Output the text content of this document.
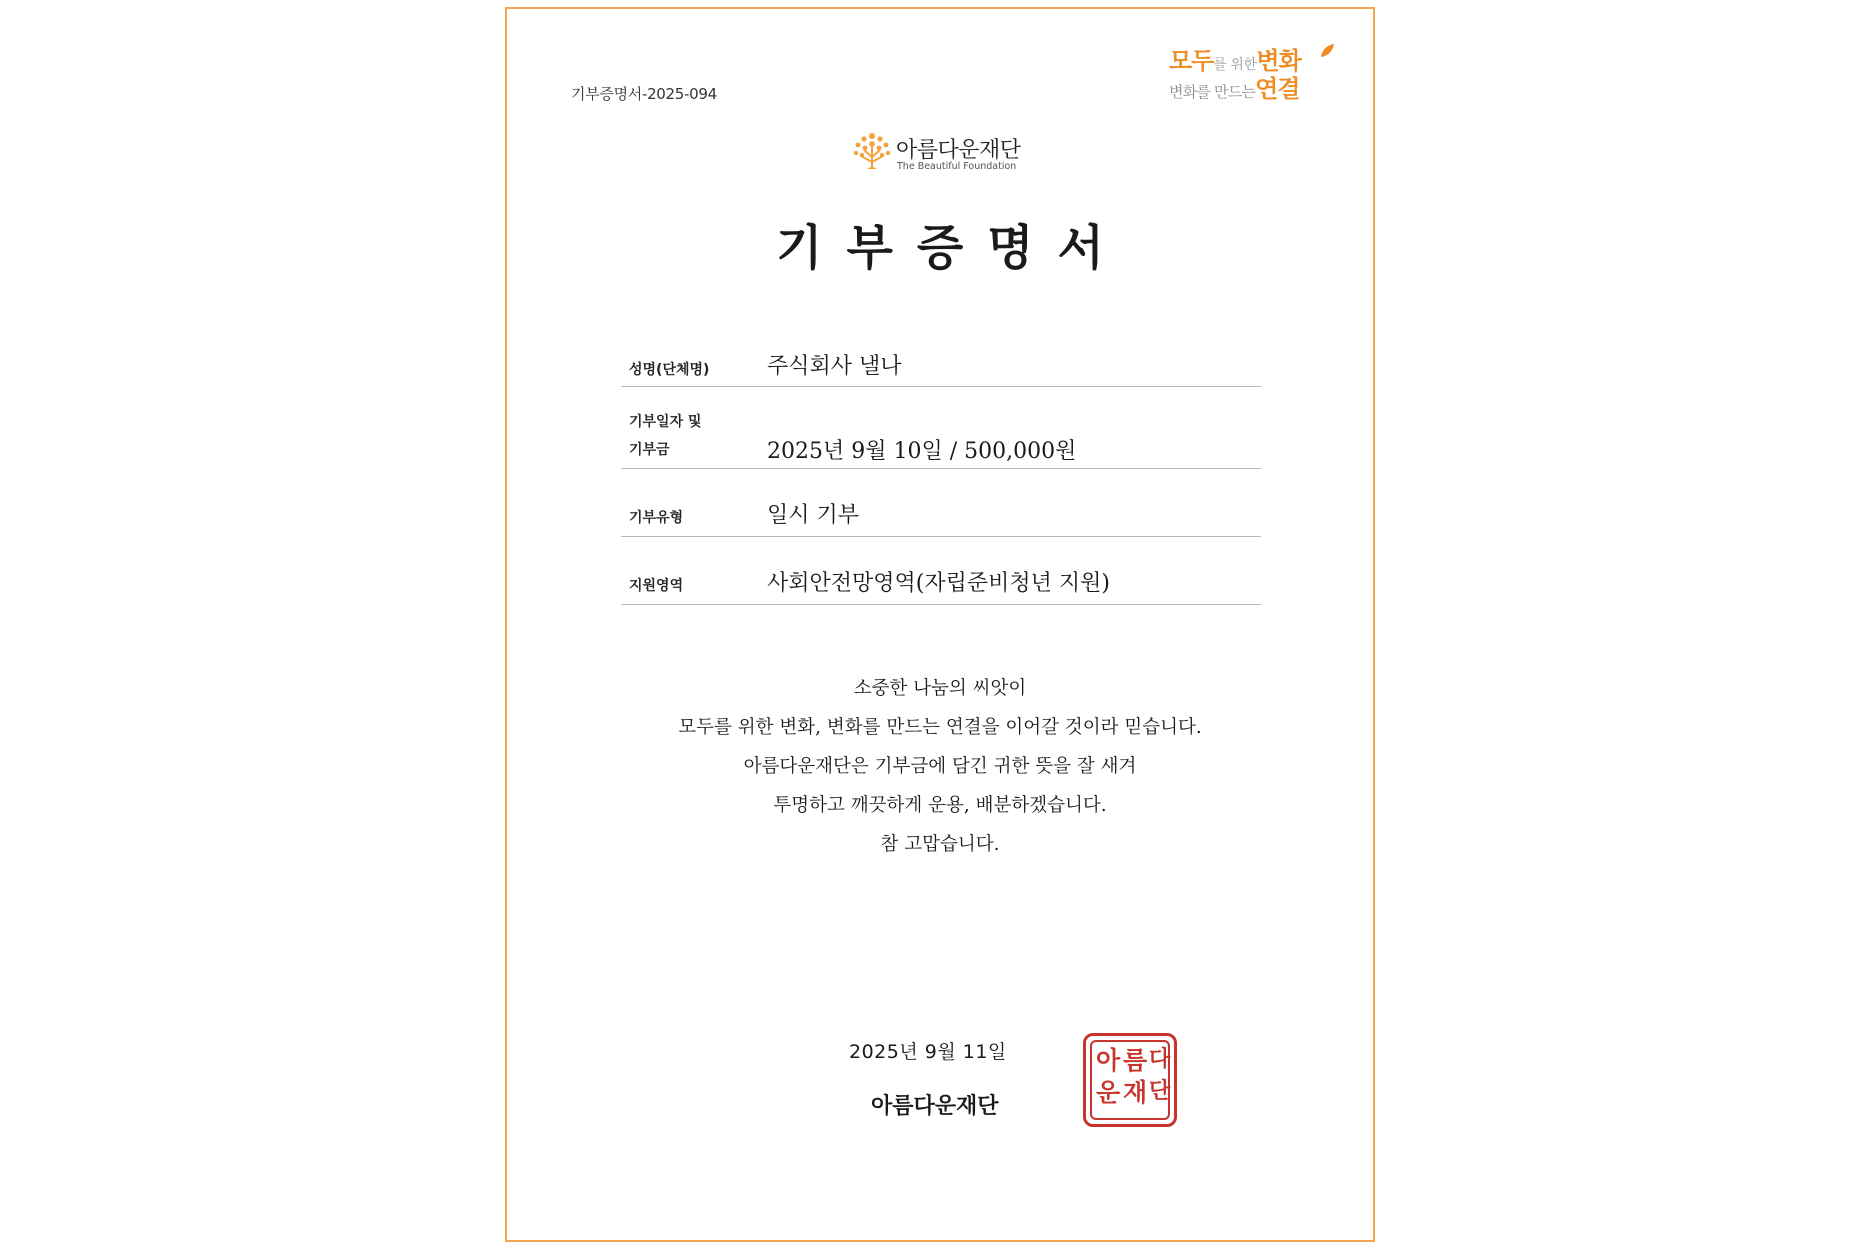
기부증명서-2025-094
모두를 위한변화
변화를 만드는연결
아름다운재단
The Beautiful Foundation
기부증명서
성명(단체명)	주식회사 낼나
기부일자 및
기부금	2025년 9월 10일 / 500,000원
기부유형	일시 기부
지원영역	사회안전망영역(자립준비청년 지원)
소중한 나눔의 씨앗이
모두를 위한 변화, 변화를 만드는 연결을 이어갈 것이라 믿습니다.
아름다운재단은 기부금에 담긴 귀한 뜻을 잘 새겨
투명하고 깨끗하게 운용, 배분하겠습니다.
참 고맙습니다.
2025년 9월 11일
아름다운재단
아 름 다
운 재 단
